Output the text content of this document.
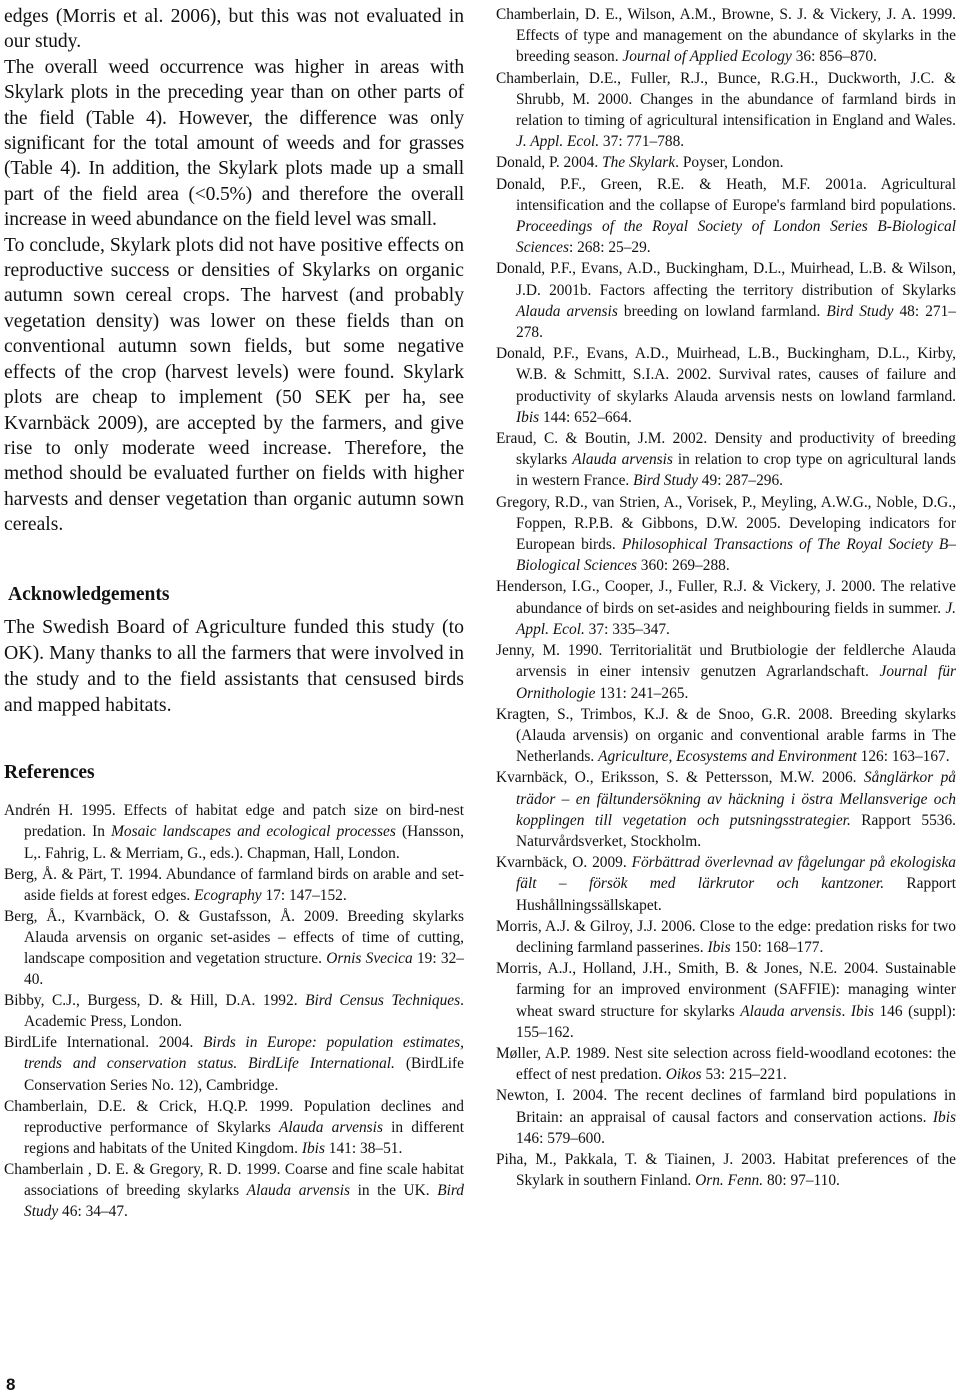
edges (Morris et al. 2006), but this was not evaluated in our study.

The overall weed occurrence was higher in areas with Skylark plots in the preceding year than on other parts of the field (Table 4). However, the difference was only significant for the total amount of weeds and for grasses (Table 4). In addition, the Skylark plots made up a small part of the field area (<0.5%) and therefore the overall increase in weed abundance on the field level was small.

To conclude, Skylark plots did not have positive effects on reproductive success or densities of Skylarks on organic autumn sown cereal crops. The harvest (and probably vegetation density) was lower on these fields than on conventional autumn sown fields, but some negative effects of the crop (harvest levels) were found. Skylark plots are cheap to implement (50 SEK per ha, see Kvarnbäck 2009), are accepted by the farmers, and give rise to only moderate weed increase. Therefore, the method should be evaluated further on fields with higher harvests and denser vegetation than organic autumn sown cereals.

Acknowledgements

The Swedish Board of Agriculture funded this study (to OK). Many thanks to all the farmers that were involved in the study and to the field assistants that censused birds and mapped habitats.

References
Andrén H. 1995. Effects of habitat edge and patch size on bird-nest predation. In Mosaic landscapes and ecological processes (Hansson, L,. Fahrig, L. & Merriam, G., eds.). Chapman, Hall, London.
Berg, Å. & Pärt, T. 1994. Abundance of farmland birds on arable and set-aside fields at forest edges. Ecography 17: 147–152.
Berg, Å., Kvarnbäck, O. & Gustafsson, Å. 2009. Breeding skylarks Alauda arvensis on organic set-asides – effects of time of cutting, landscape composition and vegetation structure. Ornis Svecica 19: 32–40.
Bibby, C.J., Burgess, D. & Hill, D.A. 1992. Bird Census Techniques. Academic Press, London.
BirdLife International. 2004. Birds in Europe: population estimates, trends and conservation status. BirdLife International. (BirdLife Conservation Series No. 12), Cambridge.
Chamberlain, D.E. & Crick, H.Q.P. 1999. Population declines and reproductive performance of Skylarks Alauda arvensis in different regions and habitats of the United Kingdom. Ibis 141: 38–51.
Chamberlain , D. E. & Gregory, R. D. 1999. Coarse and fine scale habitat associations of breeding skylarks Alauda arvensis in the UK. Bird Study 46: 34–47.
Chamberlain, D. E., Wilson, A.M., Browne, S. J. & Vickery, J. A. 1999. Effects of type and management on the abundance of skylarks in the breeding season. Journal of Applied Ecology 36: 856–870.
Chamberlain, D.E., Fuller, R.J., Bunce, R.G.H., Duckworth, J.C. & Shrubb, M. 2000. Changes in the abundance of farmland birds in relation to timing of agricultural intensification in England and Wales. J. Appl. Ecol. 37: 771–788.
Donald, P. 2004. The Skylark. Poyser, London.
Donald, P.F., Green, R.E. & Heath, M.F. 2001a. Agricultural intensification and the collapse of Europe's farmland bird populations. Proceedings of the Royal Society of London Series B-Biological Sciences: 268: 25–29.
Donald, P.F., Evans, A.D., Buckingham, D.L., Muirhead, L.B. & Wilson, J.D. 2001b. Factors affecting the territory distribution of Skylarks Alauda arvensis breeding on lowland farmland. Bird Study 48: 271–278.
Donald, P.F., Evans, A.D., Muirhead, L.B., Buckingham, D.L., Kirby, W.B. & Schmitt, S.I.A. 2002. Survival rates, causes of failure and productivity of skylarks Alauda arvensis nests on lowland farmland. Ibis 144: 652–664.
Eraud, C. & Boutin, J.M. 2002. Density and productivity of breeding skylarks Alauda arvensis in relation to crop type on agricultural lands in western France. Bird Study 49: 287–296.
Gregory, R.D., van Strien, A., Vorisek, P., Meyling, A.W.G., Noble, D.G., Foppen, R.P.B. & Gibbons, D.W. 2005. Developing indicators for European birds. Philosophical Transactions of The Royal Society B–Biological Sciences 360: 269–288.
Henderson, I.G., Cooper, J., Fuller, R.J. & Vickery, J. 2000. The relative abundance of birds on set-asides and neighbouring fields in summer. J. Appl. Ecol. 37: 335–347.
Jenny, M. 1990. Territorialität und Brutbiologie der feldlerche Alauda arvensis in einer intensiv genutzen Agrarlandschaft. Journal für Ornithologie 131: 241–265.
Kragten, S., Trimbos, K.J. & de Snoo, G.R. 2008. Breeding skylarks (Alauda arvensis) on organic and conventional arable farms in The Netherlands. Agriculture, Ecosystems and Environment 126: 163–167.
Kvarnbäck, O., Eriksson, S. & Pettersson, M.W. 2006. Sånglärkor på trädor – en fältundersökning av häckning i östra Mellansverige och kopplingen till vegetation och putsningsstrategier. Rapport 5536. Naturvårdsverket, Stockholm.
Kvarnbäck, O. 2009. Förbättrad överlevnad av fågelungar på ekologiska fält – försök med lärkrutor och kantzoner. Rapport Hushållningssällskapet.
Morris, A.J. & Gilroy, J.J. 2006. Close to the edge: predation risks for two declining farmland passerines. Ibis 150: 168–177.
Morris, A.J., Holland, J.H., Smith, B. & Jones, N.E. 2004. Sustainable farming for an improved environment (SAFFIE): managing winter wheat sward structure for skylarks Alauda arvensis. Ibis 146 (suppl): 155–162.
Møller, A.P. 1989. Nest site selection across field-woodland ecotones: the effect of nest predation. Oikos 53: 215–221.
Newton, I. 2004. The recent declines of farmland bird populations in Britain: an appraisal of causal factors and conservation actions. Ibis 146: 579–600.
Piha, M., Pakkala, T. & Tiainen, J. 2003. Habitat preferences of the Skylark in southern Finland. Orn. Fenn. 80: 97–110.
8
